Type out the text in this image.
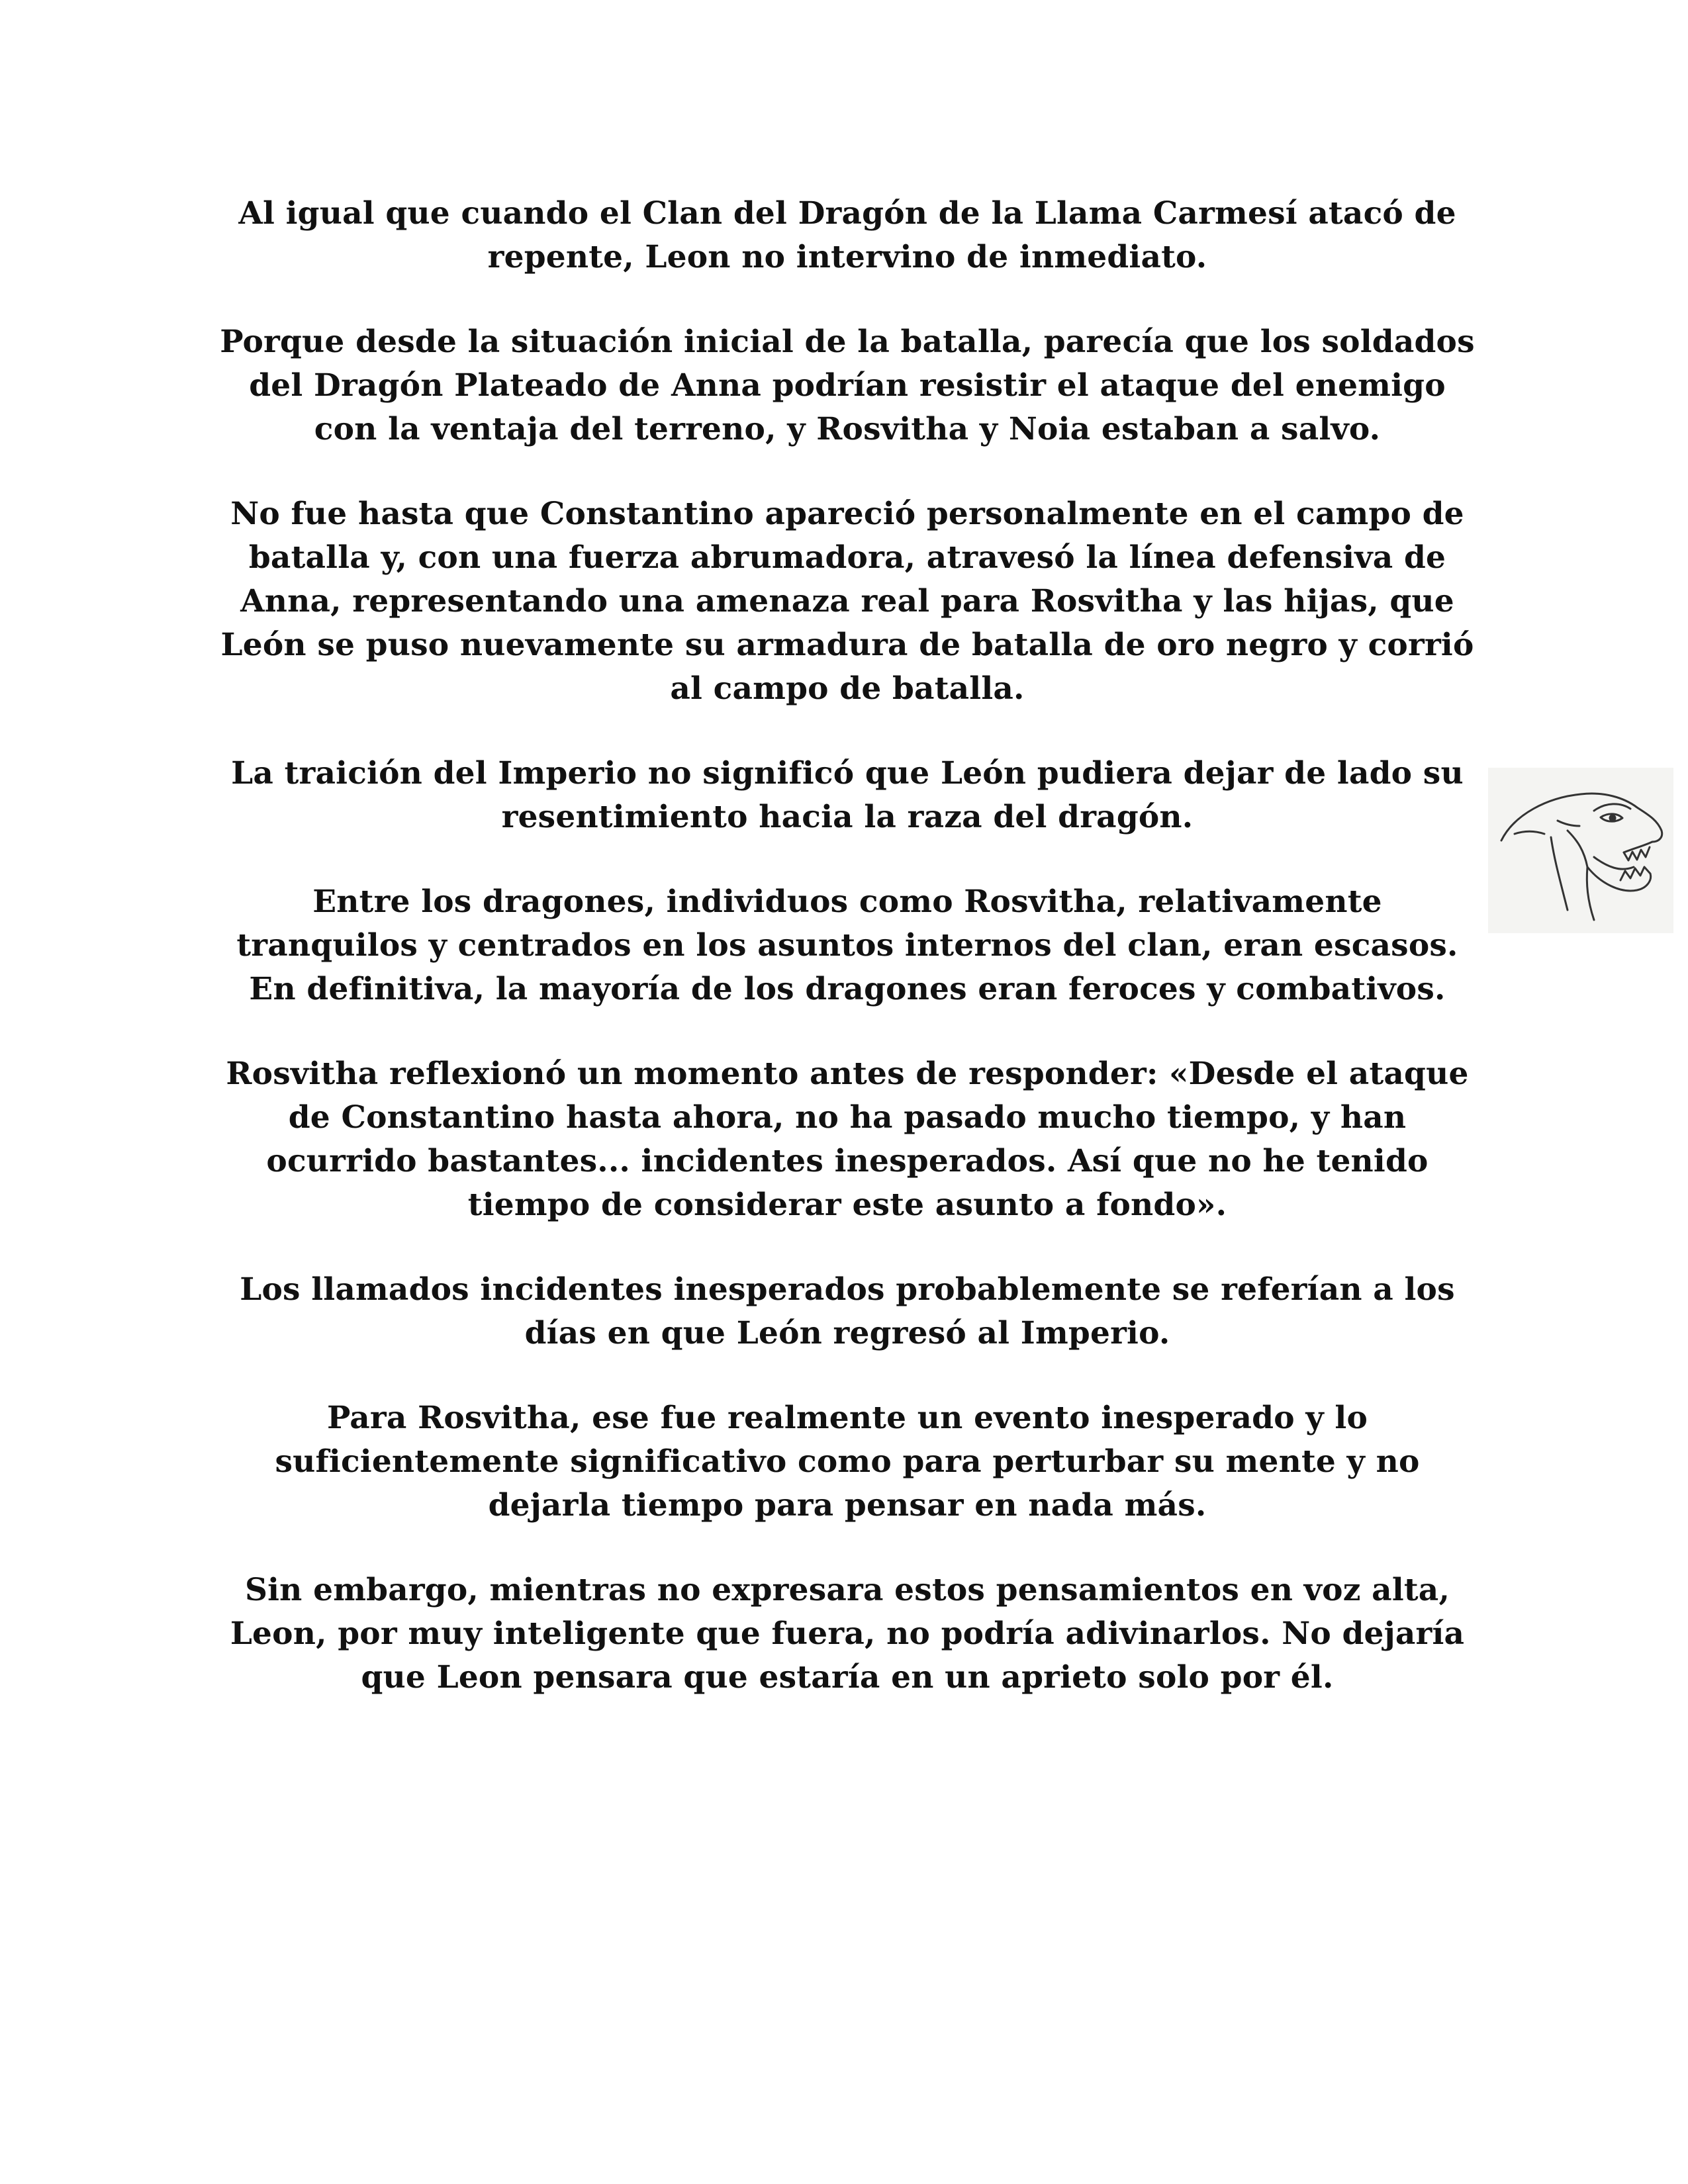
Al igual que cuando el Clan del Dragón de la Llama Carmesí atacó de repente, Leon no intervino de inmediato.

Porque desde la situación inicial de la batalla, parecía que los soldados del Dragón Plateado de Anna podrían resistir el ataque del enemigo con la ventaja del terreno, y Rosvitha y Noia estaban a salvo.

No fue hasta que Constantino apareció personalmente en el campo de batalla y, con una fuerza abrumadora, atravesó la línea defensiva de Anna, representando una amenaza real para Rosvitha y las hijas, que León se puso nuevamente su armadura de batalla de oro negro y corrió al campo de batalla.

La traición del Imperio no significó que León pudiera dejar de lado su resentimiento hacia la raza del dragón.

Entre los dragones, individuos como Rosvitha, relativamente tranquilos y centrados en los asuntos internos del clan, eran escasos. En definitiva, la mayoría de los dragones eran feroces y combativos.

Rosvitha reflexionó un momento antes de responder: «Desde el ataque de Constantino hasta ahora, no ha pasado mucho tiempo, y han ocurrido bastantes... incidentes inesperados. Así que no he tenido tiempo de considerar este asunto a fondo».

Los llamados incidentes inesperados probablemente se referían a los días en que León regresó al Imperio.

Para Rosvitha, ese fue realmente un evento inesperado y lo suficientemente significativo como para perturbar su mente y no dejarla tiempo para pensar en nada más.

Sin embargo, mientras no expresara estos pensamientos en voz alta, Leon, por muy inteligente que fuera, no podría adivinarlos. No dejaría que Leon pensara que estaría en un aprieto solo por él.
